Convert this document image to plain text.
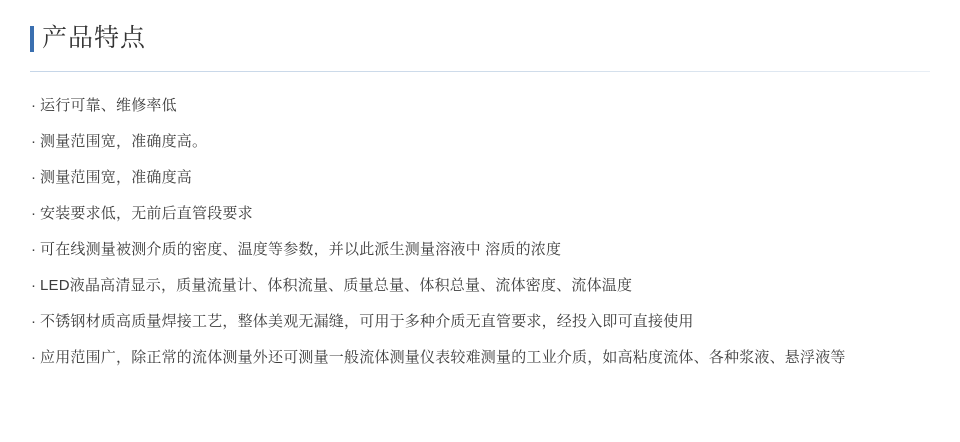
产品特点
· 运行可靠、维修率低
· 测量范围宽，准确度高。
· 测量范围宽，准确度高
· 安装要求低，无前后直管段要求
· 可在线测量被测介质的密度、温度等参数，并以此派生测量溶液中 溶质的浓度
· LED液晶高清显示，质量流量计、体积流量、质量总量、体积总量、流体密度、流体温度
· 不锈钢材质高质量焊接工艺，整体美观无漏缝，可用于多种介质无直管要求，经投入即可直接使用
· 应用范围广，除正常的流体测量外还可测量一般流体测量仪表较难测量的工业介质，如高粘度流体、各种浆液、悬浮液等
